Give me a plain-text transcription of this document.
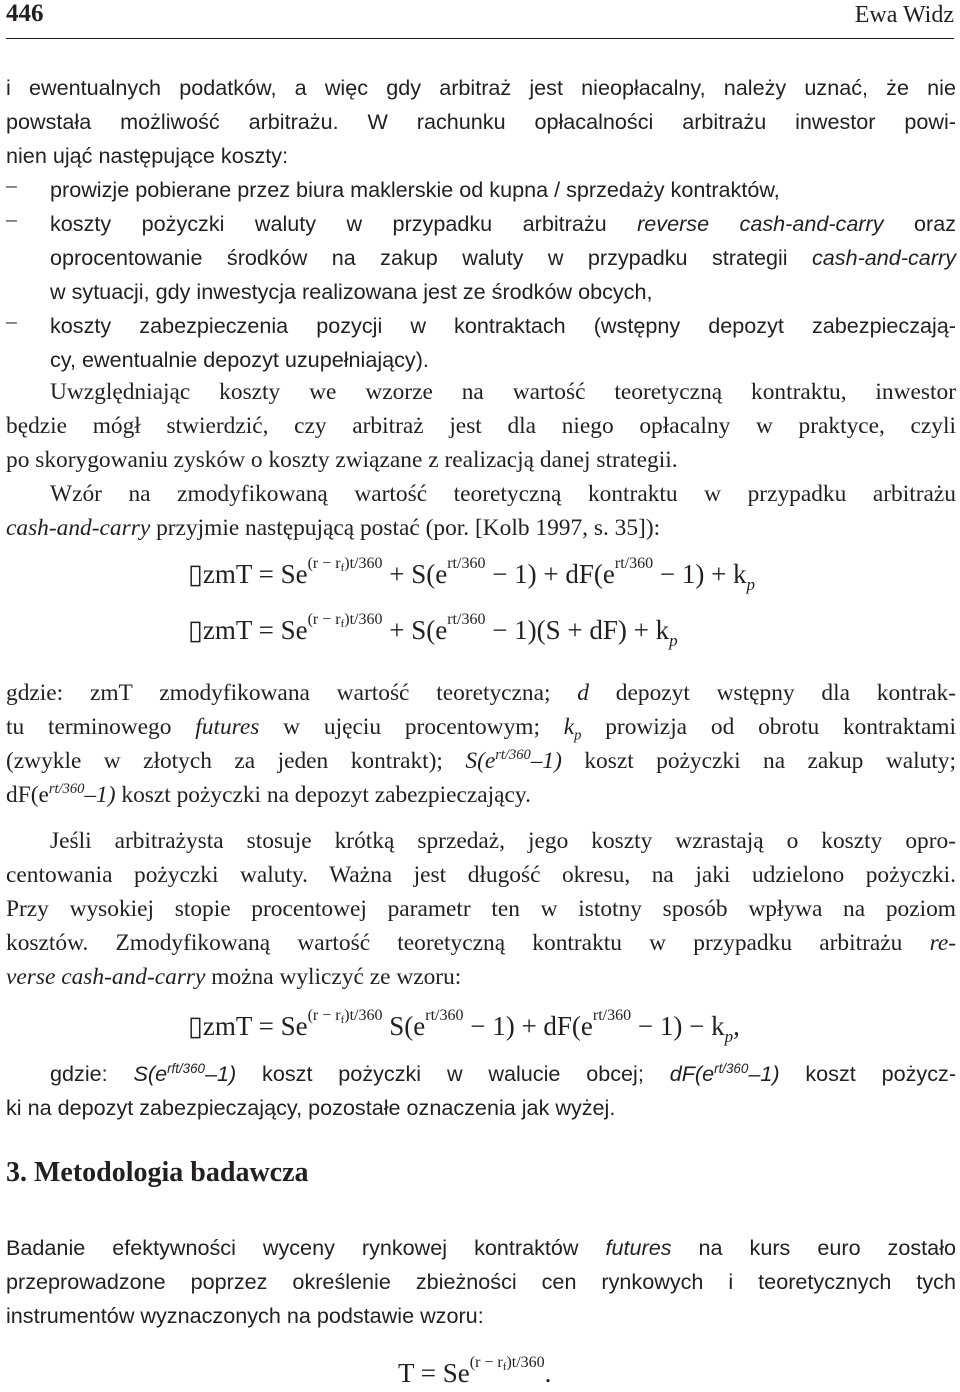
446	Ewa Widz
i ewentualnych podatków, a więc gdy arbitraż jest nieopłacalny, należy uznać, że nie
powstała możliwość arbitrażu. W rachunku opłacalności arbitrażu inwestor powi-
nien ująć następujące koszty:
– prowizje pobierane przez biura maklerskie od kupna / sprzedaży kontraktów,
– koszty pożyczki waluty w przypadku arbitrażu reverse cash-and-carry oraz
oprocentowanie środków na zakup waluty w przypadku strategii cash-and-carry
w sytuacji, gdy inwestycja realizowana jest ze środków obcych,
– koszty zabezpieczenia pozycji w kontraktach (wstępny depozyt zabezpieczają-
cy, ewentualnie depozyt uzupełniający).
Uwzględniając koszty we wzorze na wartość teoretyczną kontraktu, inwestor
będzie mógł stwierdzić, czy arbitraż jest dla niego opłacalny w praktyce, czyli
po skorygowaniu zysków o koszty związane z realizacją danej strategii.
Wzór na zmodyfikowaną wartość teoretyczną kontraktu w przypadku arbitrażu
cash-and-carry przyjmie następującą postać (por. [Kolb 1997, s. 35]):
▯zmT = $Se^{(r - rf)t/360} + S(e^{rt/360} - 1) + dF(e^{rt/360} - 1) + k_p$
▯zmT = $Se^{(r - rf)t/360} + S(e^{rt/360} - 1)(S + dF) + k_p$
gdzie: zmT zmodyfikowana wartość teoretyczna; d depozyt wstępny dla kontrak-
tu terminowego futures w ujęciu procentowym; $k_p$ prowizja od obrotu kontraktami
(zwykle w złotych za jeden kontrakt); $S(e^{rt/360}-1)$ koszt pożyczki na zakup waluty;
$dF(e^{rt/360}-1)$ koszt pożyczki na depozyt zabezpieczający.
Jeśli arbitrażysta stosuje krótką sprzedaż, jego koszty wzrastają o koszty opro-
centowania pożyczki waluty. Ważna jest długość okresu, na jaki udzielono pożyczki.
Przy wysokiej stopie procentowej parametr ten w istotny sposób wpływa na poziom
kosztów. Zmodyfikowaną wartość teoretyczną kontraktu w przypadku arbitrażu re-
verse cash-and-carry można wyliczyć ze wzoru:
▯zmT = $Se^{(r - rf)t/360}$ $S(e^{rt/360} - 1) + dF(e^{rt/360} - 1) - k_p$,
gdzie: $S(e^{rft/360}-1)$ koszt pożyczki w walucie obcej; $dF(e^{rt/360}-1)$ koszt pożycz-
ki na depozyt zabezpieczający, pozostałe oznaczenia jak wyżej.
3. Metodologia badawcza
Badanie efektywności wyceny rynkowej kontraktów futures na kurs euro zostało
przeprowadzone poprzez określenie zbieżności cen rynkowych i teoretycznych tych
instrumentów wyznaczonych na podstawie wzoru:
$T = Se^{(r - rf)t/360}$.
